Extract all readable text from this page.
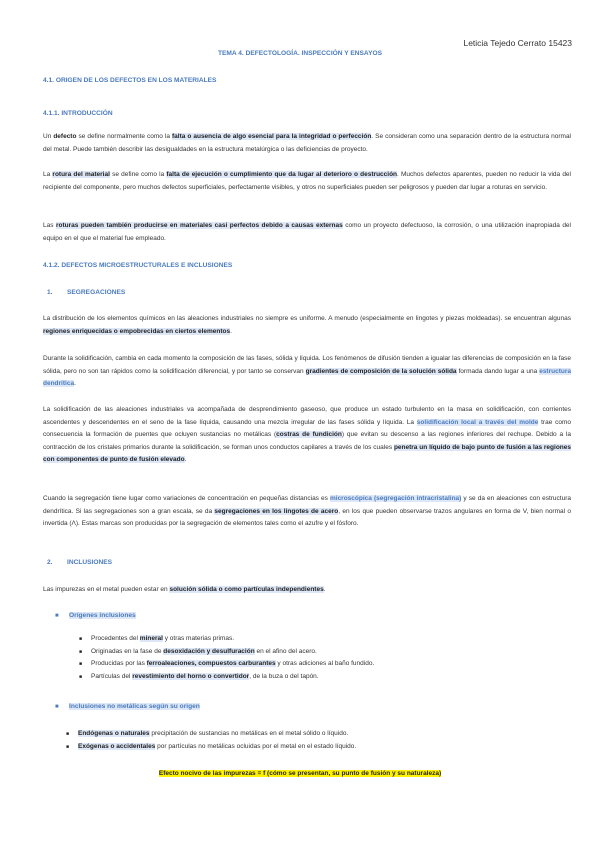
Leticia Tejedo Cerrato 15423
TEMA 4. DEFECTOLOGÍA. INSPECCIÓN Y ENSAYOS
4.1. ORIGEN DE LOS DEFECTOS EN LOS MATERIALES
4.1.1. INTRODUCCIÓN
Un defecto se define normalmente como la falta o ausencia de algo esencial para la integridad o perfección. Se consideran como una separación dentro de la estructura normal del metal. Puede también describir las desigualdades en la estructura metalúrgica o las deficiencias de proyecto.
La rotura del material se define como la falta de ejecución o cumplimiento que da lugar al deterioro o destrucción. Muchos defectos aparentes, pueden no reducir la vida del recipiente del componente, pero muchos defectos superficiales, perfectamente visibles, y otros no superficiales pueden ser peligrosos y pueden dar lugar a roturas en servicio.
Las roturas pueden también producirse en materiales casi perfectos debido a causas externas como un proyecto defectuoso, la corrosión, o una utilización inapropiada del equipo en el que el material fue empleado.
4.1.2. DEFECTOS MICROESTRUCTURALES E INCLUSIONES
1. SEGREGACIONES
La distribución de los elementos químicos en las aleaciones industriales no siempre es uniforme. A menudo (especialmente en lingotes y piezas moldeadas). se encuentran algunas regiones enriquecidas o empobrecidas en ciertos elementos.
Durante la solidificación, cambia en cada momento la composición de las fases, sólida y líquida. Los fenómenos de difusión tienden a igualar las diferencias de composición en la fase sólida, pero no son tan rápidos como la solidificación diferencial, y por tanto se conservan gradientes de composición de la solución sólida formada dando lugar a una estructura dendrítica.
La solidificación de las aleaciones industriales va acompañada de desprendimiento gaseoso, que produce un estado turbulento en la masa en solidificación, con corrientes ascendentes y descendentes en el seno de la fase líquida, causando una mezcla irregular de las fases sólida y líquida. La solidificación local a través del molde trae como consecuencia la formación de puentes que ocluyen sustancias no metálicas (costras de fundición) que evitan su descenso a las regiones inferiores del rechupe. Debido a la contracción de los cristales primarios durante la solidificación, se forman unos conductos capilares a través de los cuales penetra un líquido de bajo punto de fusión a las regiones con componentes de punto de fusión elevado.
Cuando la segregación tiene lugar como variaciones de concentración en pequeñas distancias es microscópica (segregación intracristalina) y se da en aleaciones con estructura dendrítica. Si las segregaciones son a gran escala, se da segregaciones en los lingotes de acero, en los que pueden observarse trazos angulares en forma de V, bien normal o invertida (Λ). Estas marcas son producidas por la segregación de elementos tales como el azufre y el fósforo.
2. INCLUSIONES
Las impurezas en el metal pueden estar en solución sólida o como partículas independientes.
■ Orígenes inclusiones
■ Procedentes del mineral y otras materias primas.
■ Originadas en la fase de desoxidación y desulfuración en el afino del acero.
■ Producidas por las ferroaleaciones, compuestos carburantes y otras adiciones al baño fundido.
■ Partículas del revestimiento del horno o convertidor, de la buza o del tapón.
■ Inclusiones no metálicas según su origen
■ Endógenas o naturales precipitación de sustancias no metálicas en el metal sólido o líquido.
■ Exógenas o accidentales por partículas no metálicas ocluidas por el metal en el estado líquido.
Efecto nocivo de las impurezas = f (cómo se presentan, su punto de fusión y su naturaleza)
